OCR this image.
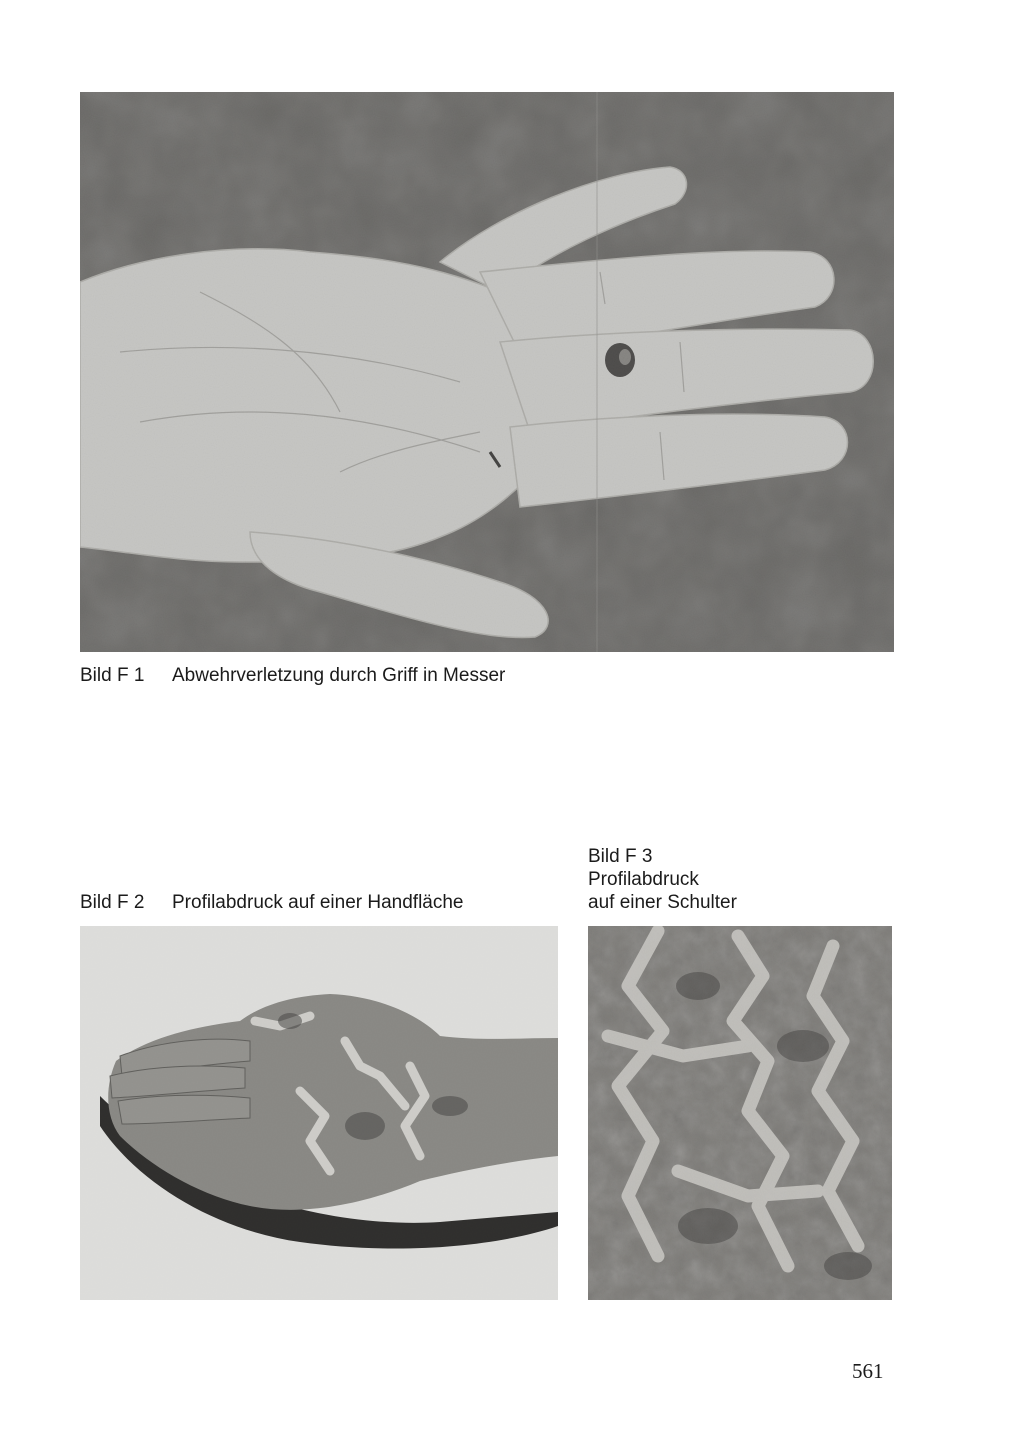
Bild F 1 Abwehrverletzung durch Griff in Messer
Bild F 3
Profilabdruck
auf einer Schulter
Bild F 2 Profilabdruck auf einer Handfläche
561
